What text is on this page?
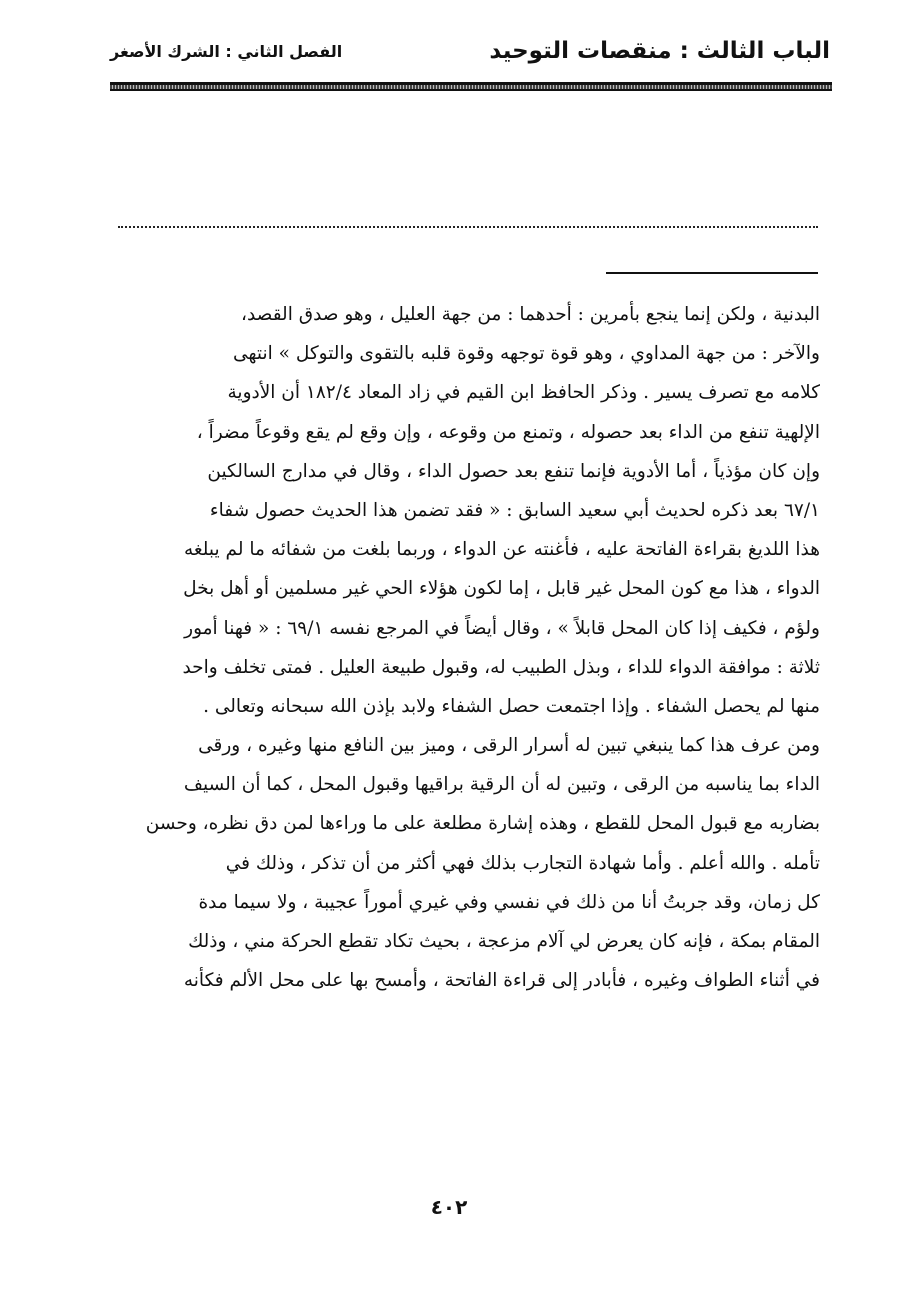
الباب الثالث : منقصات التوحيد
الفصل الثاني : الشرك الأصغر
البدنية ، ولكن إنما ينجع بأمرين : أحدهما : من جهة العليل ، وهو صدق القصد،
والآخر : من جهة المداوي ، وهو قوة توجهه وقوة قلبه بالتقوى والتوكل » انتهى
كلامه مع تصرف يسير . وذكر الحافظ ابن القيم في زاد المعاد ١٨٢/٤ أن الأدوية
الإلهية تنفع من الداء بعد حصوله ، وتمنع من وقوعه ، وإن وقع لم يقع وقوعاً مضراً ،
وإن كان مؤذياً ، أما الأدوية فإنما تنفع بعد حصول الداء ، وقال في مدارج السالكين
٦٧/١ بعد ذكره لحديث أبي سعيد السابق : « فقد تضمن هذا الحديث حصول شفاء
هذا اللديغ بقراءة الفاتحة عليه ، فأغنته عن الدواء ، وربما بلغت من شفائه ما لم يبلغه
الدواء ، هذا مع كون المحل غير قابل ، إما لكون هؤلاء الحي غير مسلمين أو أهل بخل
ولؤم ، فكيف إذا كان المحل قابلاً » ، وقال أيضاً في المرجع نفسه ٦٩/١ : « فهنا أمور
ثلاثة : موافقة الدواء للداء ، وبذل الطبيب له، وقبول طبيعة العليل . فمتى تخلف واحد
منها لم يحصل الشفاء . وإذا اجتمعت حصل الشفاء ولابد بإذن الله سبحانه وتعالى .
ومن عرف هذا كما ينبغي تبين له أسرار الرقى ، وميز بين النافع منها وغيره ، ورقى
الداء بما يناسبه من الرقى ، وتبين له أن الرقية براقيها وقبول المحل ، كما أن السيف
بضاربه مع قبول المحل للقطع ، وهذه إشارة مطلعة على ما وراءها لمن دق نظره، وحسن
تأمله . والله أعلم . وأما شهادة التجارب بذلك فهي أكثر من أن تذكر ، وذلك في
كل زمان، وقد جربتُ أنا من ذلك في نفسي وفي غيري أموراً عجيبة ، ولا سيما مدة
المقام بمكة ، فإنه كان يعرض لي آلام مزعجة ، بحيث تكاد تقطع الحركة مني ، وذلك
في أثناء الطواف وغيره ، فأبادر إلى قراءة الفاتحة ، وأمسح بها على محل الألم فكأنه
٤٠٢
